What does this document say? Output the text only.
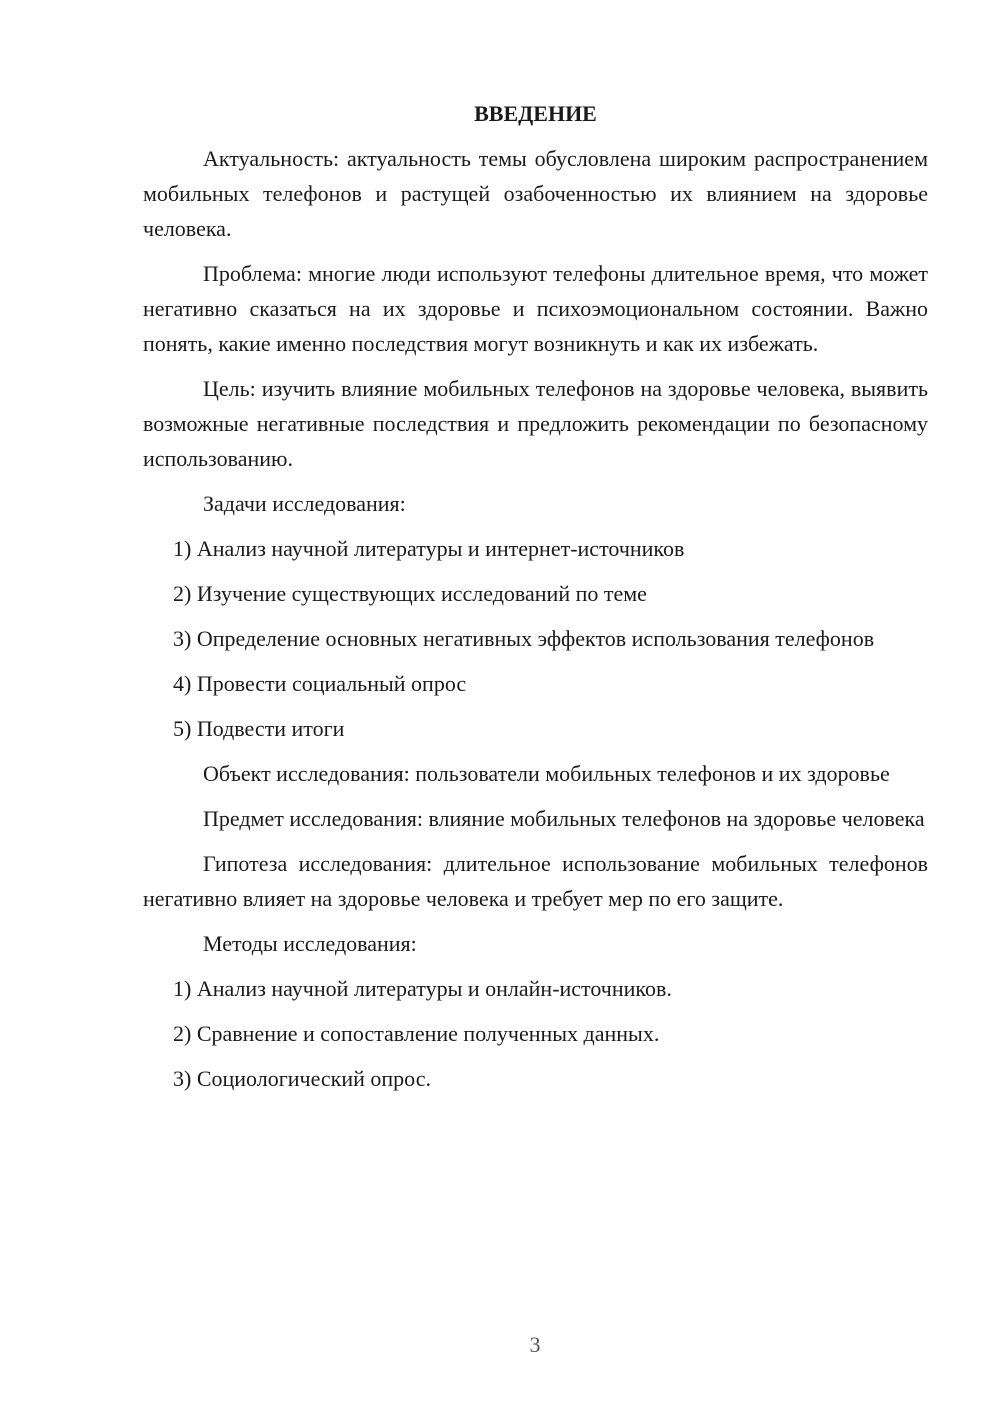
ВВЕДЕНИЕ

Актуальность: актуальность темы обусловлена широким распространением мобильных телефонов и растущей озабоченностью их влиянием на здоровье человека.

Проблема: многие люди используют телефоны длительное время, что может негативно сказаться на их здоровье и психоэмоциональном состоянии. Важно понять, какие именно последствия могут возникнуть и как их избежать.

Цель: изучить влияние мобильных телефонов на здоровье человека, выявить возможные негативные последствия и предложить рекомендации по безопасному использованию.

Задачи исследования:

1) Анализ научной литературы и интернет-источников

2) Изучение существующих исследований по теме

3) Определение основных негативных эффектов использования телефонов

4) Провести социальный опрос

5) Подвести итоги

Объект исследования: пользователи мобильных телефонов и их здоровье

Предмет исследования: влияние мобильных телефонов на здоровье человека

Гипотеза исследования: длительное использование мобильных телефонов негативно влияет на здоровье человека и требует мер по его защите.

Методы исследования:

1) Анализ научной литературы и онлайн-источников.

2) Сравнение и сопоставление полученных данных.

3) Социологический опрос.

3
